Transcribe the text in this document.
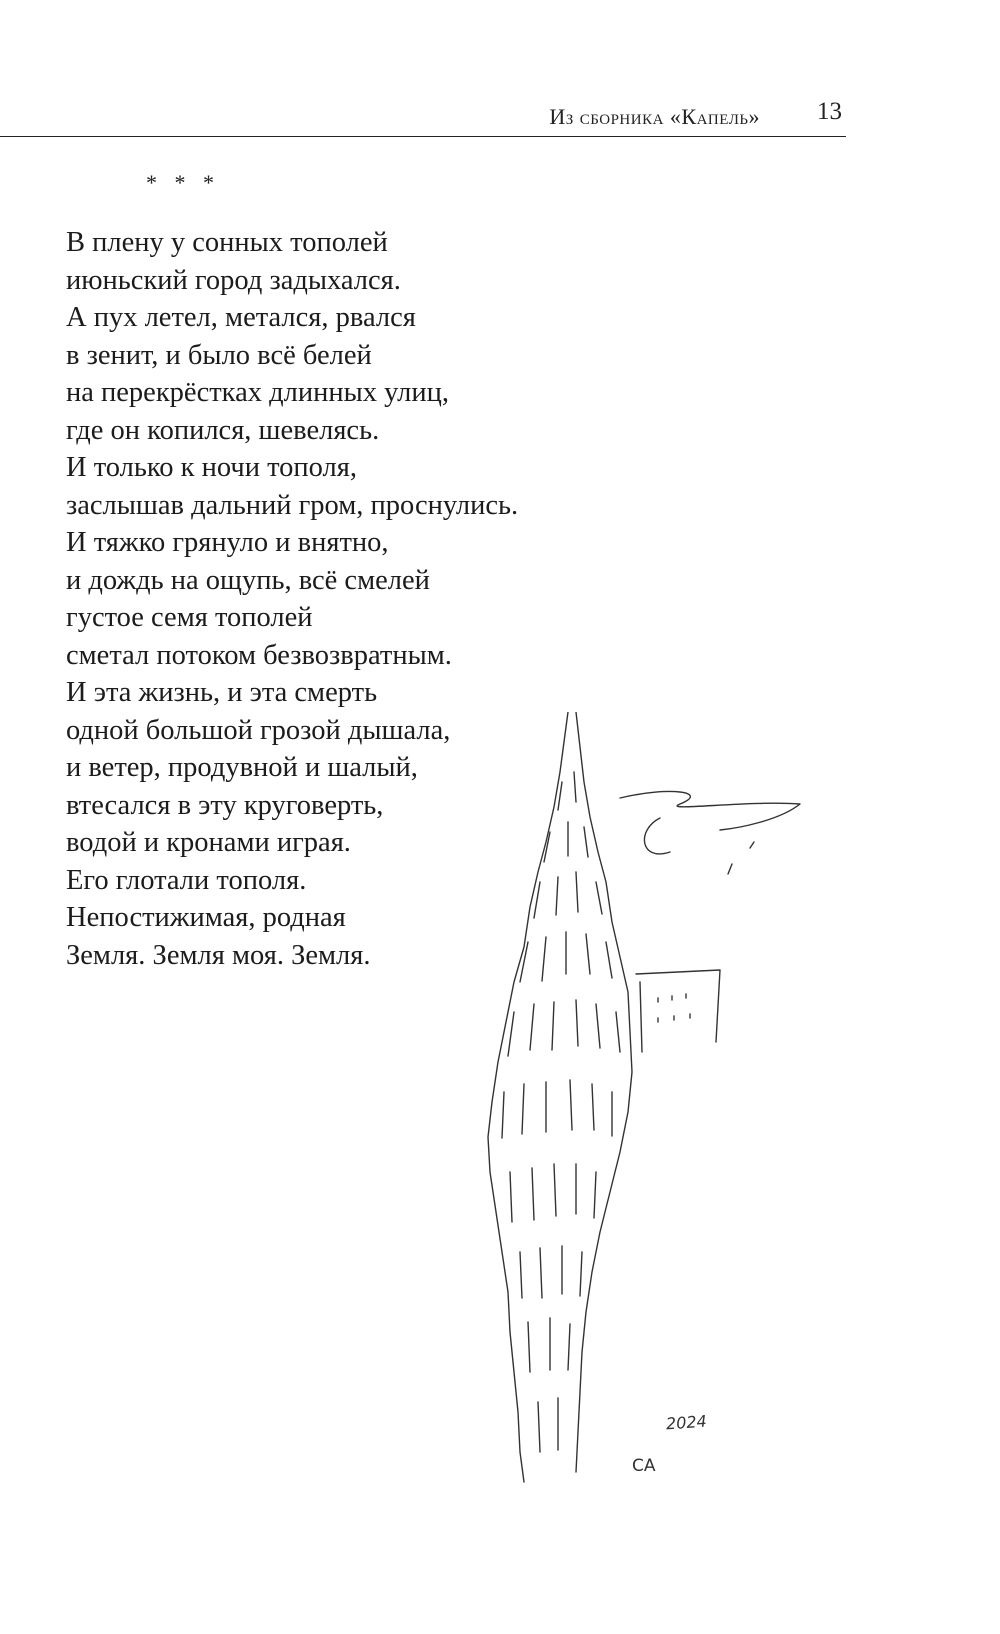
Из сборника «Капель» 13
* * *
В плену у сонных тополей
июньский город задыхался.
А пух летел, метался, рвался
в зенит, и было всё белей
на перекрёстках длинных улиц,
где он копился, шевелясь.
И только к ночи тополя,
заслышав дальний гром, проснулись.
И тяжко грянуло и внятно,
и дождь на ощупь, всё смелей
густое семя тополей
сметал потоком безвозвратным.
И эта жизнь, и эта смерть
одной большой грозой дышала,
и ветер, продувной и шалый,
втесался в эту круговерть,
водой и кронами играя.
Его глотали тополя.
Непостижимая, родная
Земля. Земля моя. Земля.
2024
СА
